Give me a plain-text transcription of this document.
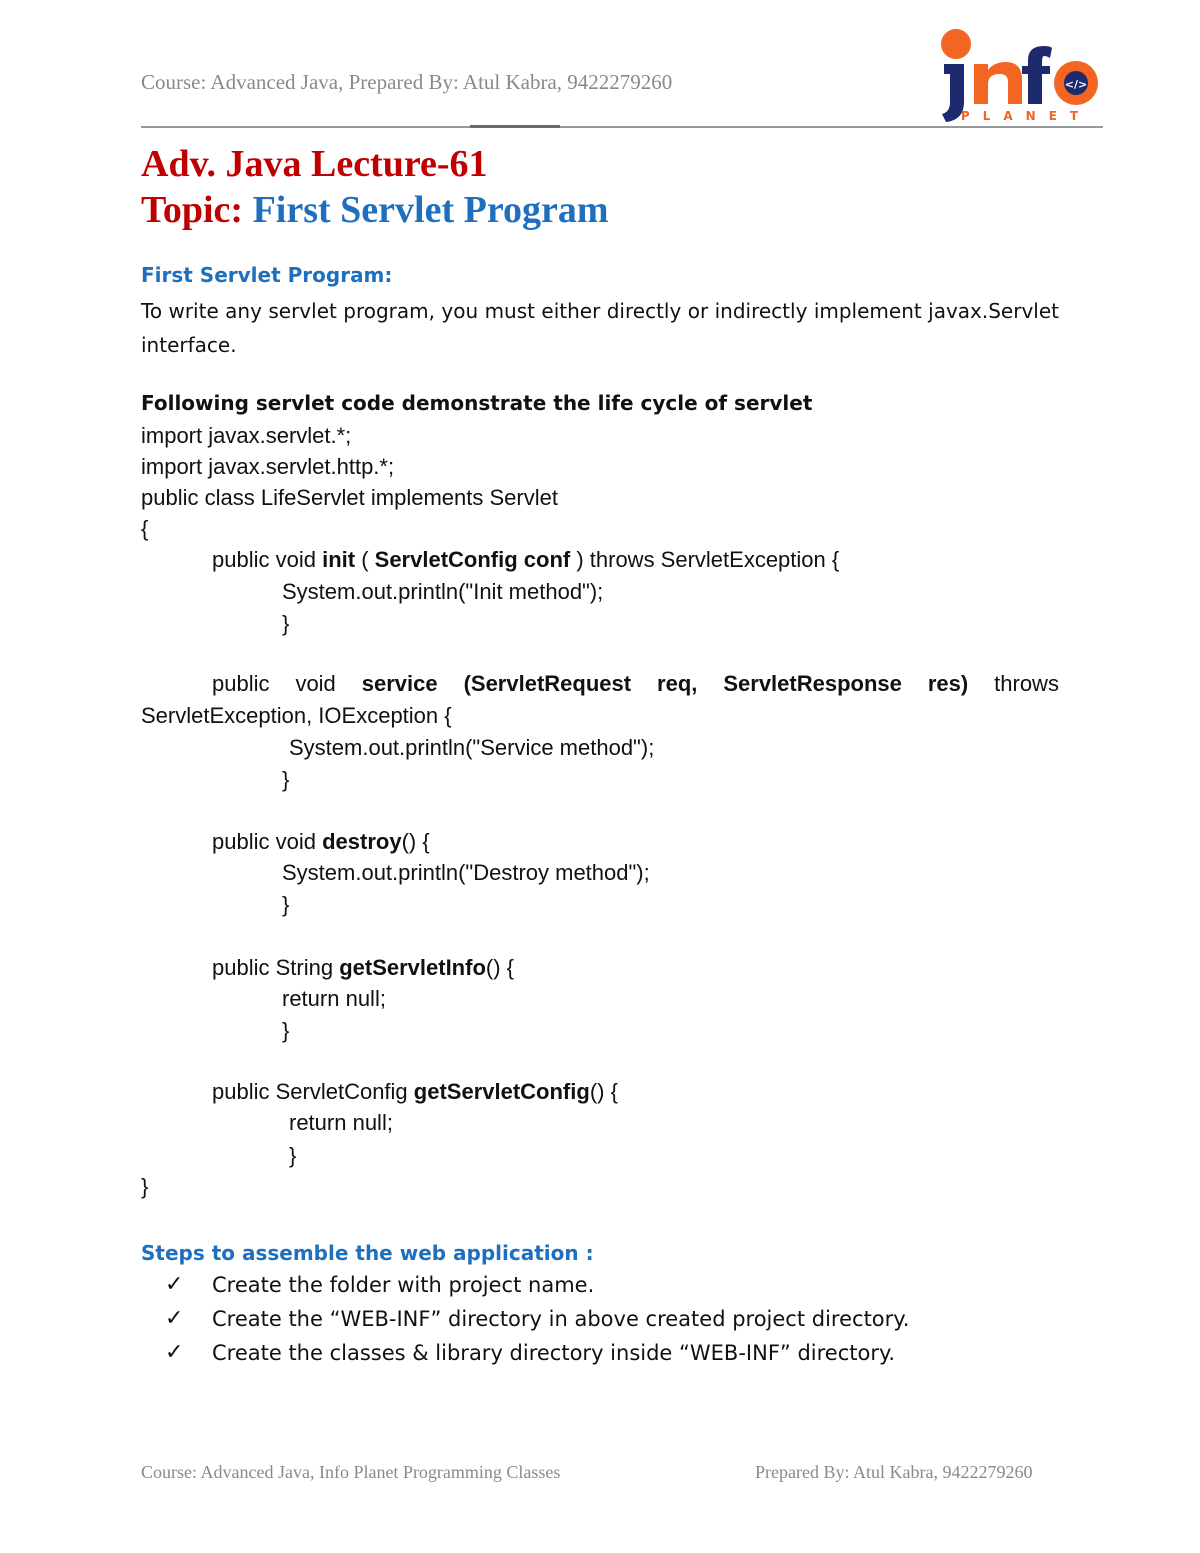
Course: Advanced Java, Prepared By: Atul Kabra, 9422279260	</>
PLANET
Adv. Java Lecture-61
Topic: First Servlet Program
First Servlet Program:
To write any servlet program, you must either directly or indirectly implement javax.Servlet interface.
Following servlet code demonstrate the life cycle of servlet
import javax.servlet.*;
import javax.servlet.http.*;
public class LifeServlet implements Servlet
{
public void init ( ServletConfig conf ) throws ServletException {
System.out.println("Init method");
}
public void service (ServletRequest req, ServletResponse res) throws
ServletException, IOException {
System.out.println("Service method");
}
public void destroy() {
System.out.println("Destroy method");
}
public String getServletInfo() {
return null;
}
public ServletConfig getServletConfig() {
return null;
}
}
Steps to assemble the web application :
✓ Create the folder with project name.
✓ Create the “WEB-INF” directory in above created project directory.
✓ Create the classes & library directory inside “WEB-INF” directory.
Course: Advanced Java, Info Planet Programming Classes	Prepared By: Atul Kabra, 9422279260
